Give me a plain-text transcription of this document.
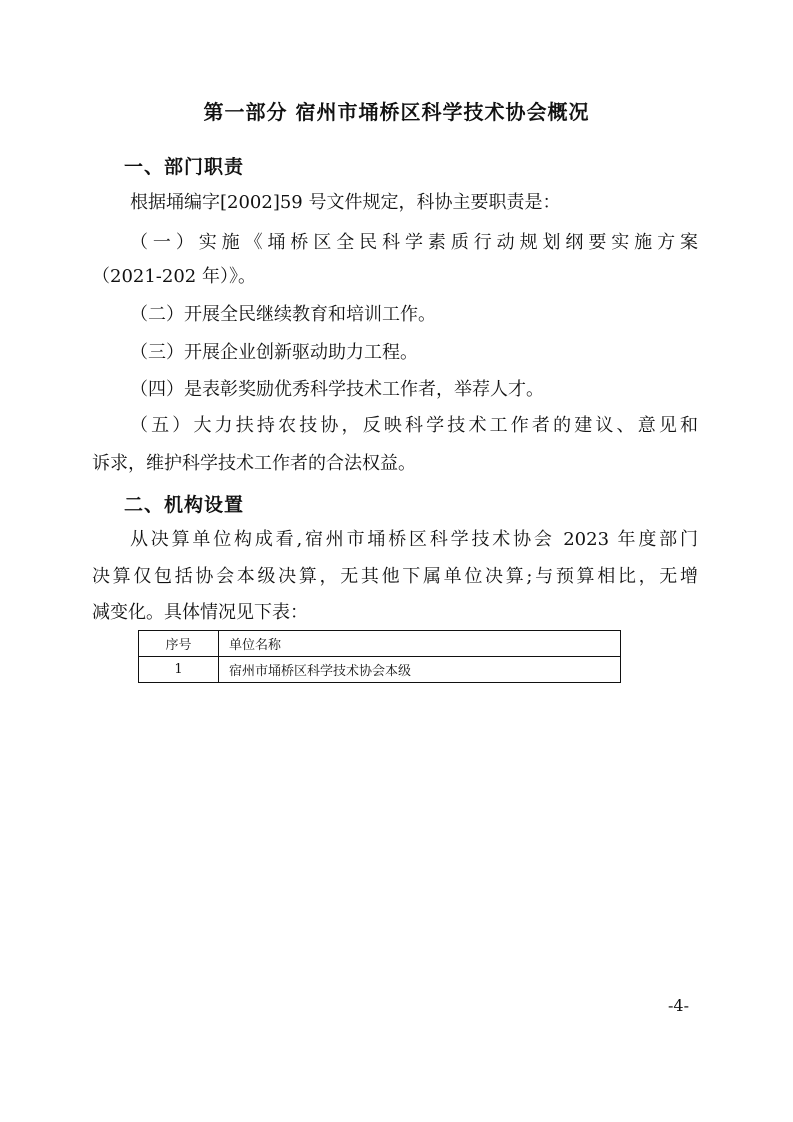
第一部分 宿州市埇桥区科学技术协会概况
一、部门职责
根据埇编字[2002]59 号文件规定，科协主要职责是：
（一）实施《埇桥区全民科学素质行动规划纲要实施方案
（2021-202 年）》。
（二）开展全民继续教育和培训工作。
（三）开展企业创新驱动助力工程。
（四）是表彰奖励优秀科学技术工作者，举荐人才。
（五）大力扶持农技协，反映科学技术工作者的建议、意见和
诉求，维护科学技术工作者的合法权益。
二、机构设置
从决算单位构成看,宿州市埇桥区科学技术协会 2023 年度部门
决算仅包括协会本级决算，无其他下属单位决算;与预算相比，无增
减变化。具体情况见下表：
序号	单位名称
1	宿州市埇桥区科学技术协会本级
-4-
